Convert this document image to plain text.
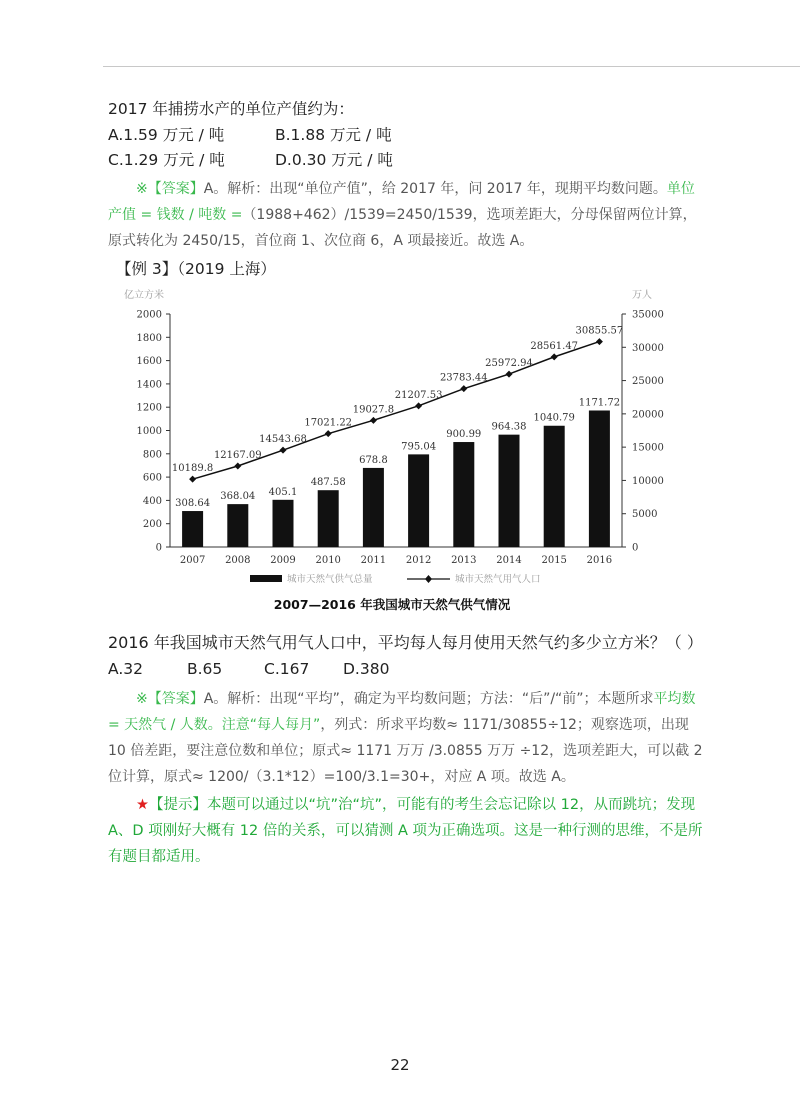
2017 年捕捞水产的单位产值约为：
A.1.59 万元 / 吨	B.1.88 万元 / 吨
C.1.29 万元 / 吨	D.0.30 万元 / 吨
※【答案】A。解析：出现“单位产值”，给 2017 年，问 2017 年，现期平均数问题。单位产值 = 钱数 / 吨数 =（1988+462）/1539=2450/1539，选项差距大，分母保留两位计算，原式转化为 2450/15，首位商 1、次位商 6，A 项最接近。故选 A。
【例 3】（2019 上海）
亿立方米	万人
0
200
400
600
800
1000
1200
1400
1600
1800
2000
0
5000
10000
15000
20000
25000
30000
35000
308.64
368.04 405.1
487.58
678.8
795.04
900.99
964.38
1040.79
1171.72
10189.8
12167.09
14543.68
17021.22
19027.8
21207.53
23783.44
25972.94
28561.47
30855.57
2007 2008 2009 2010 2011 2012 2013 2014 2015 2016
城市天然气供气总量	城市天然气用气人口
2007—2016 年我国城市天然气供气情况
2016 年我国城市天然气用气人口中，平均每人每月使用天然气约多少立方米？（ ）
A.32	B.65	C.167 D.380
※【答案】A。解析：出现“平均”，确定为平均数问题；方法：“后”/“前”；本题所求平均数 = 天然气 / 人数。注意“每人每月”，列式：所求平均数≈ 1171/30855÷12；观察选项，出现 10 倍差距，要注意位数和单位；原式≈ 1171 万万 /3.0855 万万 ÷12，选项差距大，可以截 2 位计算，原式≈ 1200/（3.1*12）=100/3.1=30+，对应 A 项。故选 A。
★【提示】本题可以通过以“坑”治“坑”，可能有的考生会忘记除以 12，从而跳坑；发现 A、D 项刚好大概有 12 倍的关系，可以猜测 A 项为正确选项。这是一种行测的思维，不是所有题目都适用。
22
